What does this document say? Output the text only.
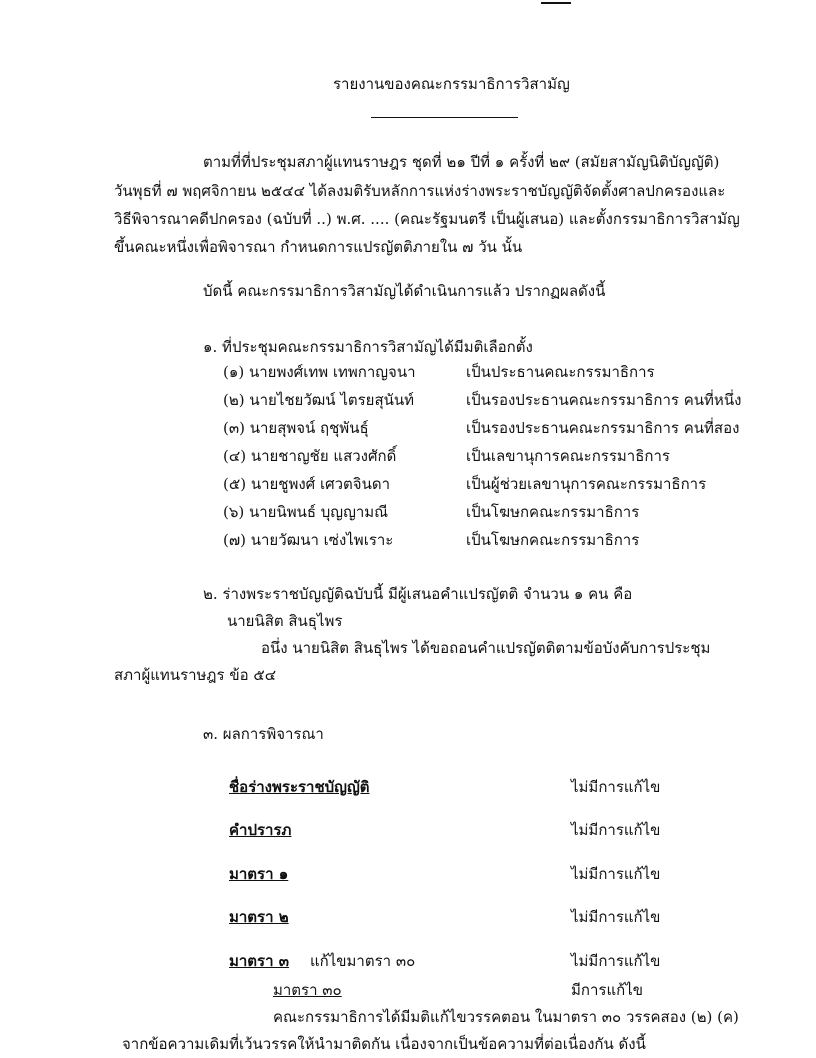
รายงานของคณะกรรมาธิการวิสามัญ
ตามที่ที่ประชุมสภาผู้แทนราษฎร ชุดที่ ๒๑ ปีที่ ๑ ครั้งที่ ๒๙ (สมัยสามัญนิติบัญญัติ)
วันพุธที่ ๗ พฤศจิกายน ๒๕๔๔ ได้ลงมติรับหลักการแห่งร่างพระราชบัญญัติจัดตั้งศาลปกครองและ
วิธีพิจารณาคดีปกครอง (ฉบับที่ ..) พ.ศ. .... (คณะรัฐมนตรี เป็นผู้เสนอ) และตั้งกรรมาธิการวิสามัญ
ขึ้นคณะหนึ่งเพื่อพิจารณา กำหนดการแปรญัตติภายใน ๗ วัน นั้น
บัดนี้ คณะกรรมาธิการวิสามัญได้ดำเนินการแล้ว ปรากฏผลดังนี้
๑. ที่ประชุมคณะกรรมาธิการวิสามัญได้มีมติเลือกตั้ง
(๑) นายพงศ์เทพ เทพกาญจนา	เป็นประธานคณะกรรมาธิการ
(๒) นายไชยวัฒน์ ไตรยสุนันท์	เป็นรองประธานคณะกรรมาธิการ คนที่หนึ่ง
(๓) นายสุพจน์ ฤชุพันธุ์	เป็นรองประธานคณะกรรมาธิการ คนที่สอง
(๔) นายชาญชัย แสวงศักดิ์	เป็นเลขานุการคณะกรรมาธิการ
(๕) นายชูพงศ์ เศวตจินดา	เป็นผู้ช่วยเลขานุการคณะกรรมาธิการ
(๖) นายนิพนธ์ บุญญามณี	เป็นโฆษกคณะกรรมาธิการ
(๗) นายวัฒนา เซ่งไพเราะ	เป็นโฆษกคณะกรรมาธิการ
๒. ร่างพระราชบัญญัติฉบับนี้ มีผู้เสนอคำแปรญัตติ จำนวน ๑ คน คือ
นายนิสิต สินธุไพร
อนึ่ง นายนิสิต สินธุไพร ได้ขอถอนคำแปรญัตติตามข้อบังคับการประชุม
สภาผู้แทนราษฎร ข้อ ๕๔
๓. ผลการพิจารณา
ชื่อร่างพระราชบัญญัติ	ไม่มีการแก้ไข
คำปรารภ	ไม่มีการแก้ไข
มาตรา ๑	ไม่มีการแก้ไข
มาตรา ๒	ไม่มีการแก้ไข
มาตรา ๓ แก้ไขมาตรา ๓๐	ไม่มีการแก้ไข
มาตรา ๓๐	มีการแก้ไข
คณะกรรมาธิการได้มีมติแก้ไขวรรคตอน ในมาตรา ๓๐ วรรคสอง (๒) (ค)
จากข้อความเดิมที่เว้นวรรคให้นำมาติดกัน เนื่องจากเป็นข้อความที่ต่อเนื่องกัน ดังนี้
